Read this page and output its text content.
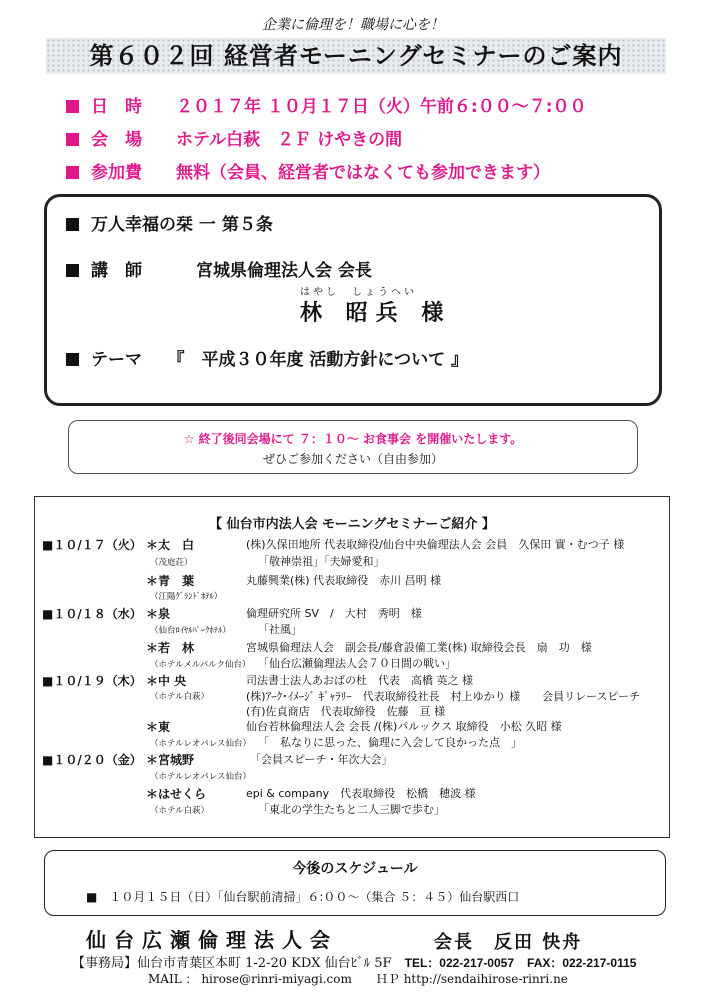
企業に倫理を！職場に心を！
第６０２回 経営者モーニングセミナーのご案内
日　時　　 ２０１７年 １０月１７日（火）午前６:００～７:００
会　場　　 ホテル白萩　２Ｆ けやきの間
参加費　　 無料（会員、経営者ではなくても参加できます）
万人幸福の栞 一 第５条
講　師	宮城県倫理法人会 会長
はやし　しょうへい
林 昭兵 様
テーマ　　 『　平成３０年度 活動方針について 』
☆ 終了後同会場にて ７：１０～ お食事会 を開催いたします。
ぜひご参加ください（自由参加）
【 仙台市内法人会 モーニングセミナーご紹介 】
■１０/１７（火） ＊太　白	(株)久保田地所 代表取締役/仙台中央倫理法人会 会員　久保田 實・むつ子 様
（茂庭荘）	「敬神崇祖」「夫婦愛和」
＊青　葉	丸藤興業(株) 代表取締役　赤川 昌明 様
（江陽ｸﾞﾗﾝﾄﾞﾎﾃﾙ）
■１０/１８（水） ＊泉	倫理研究所 SV　/　大村　秀明　様
（仙台ﾛｲﾔﾙﾊﾟｰｸﾎﾃﾙ） 「社風」
＊若　林	宮城県倫理法人会　副会長/藤倉設備工業(株) 取締役会長　扇　功　様
（ホテルメルパルク仙台） 「仙台広瀬倫理法人会７０日間の戦い」
■１０/１９（木） ＊中 央	司法書士法人あおばの杜　代表　高橋 英之 様
（ホテル白萩）	(株)ｱｰｸ･ｲﾒｰｼﾞ ｷﾞｬﾗﾘｰ　代表取締役社長　村上ゆかり 様　　会員リレースピーチ
(有)佐貞商店　代表取締役　佐藤　亘 様
＊東	仙台若林倫理法人会 会長 /(株)パルックス 取締役　小松 久昭 様
（ホテルレオパレス仙台） 「　私なりに思った、倫理に入会して良かった点　」
■１０/２０（金） ＊宮城野	「会員スピーチ・年次大会」
（ホテルレオパレス仙台）
＊はせくら	epi & company　代表取締役　松橋　穂波 様
（ホテル白萩）	「東北の学生たちと二人三脚で歩む」
今後のスケジュール
■　１０月１５日（日）「仙台駅前清掃」６:００～（集合 ５：４５）仙台駅西口
仙台広瀬倫理法人会	会長　反田 快舟
【事務局】仙台市青葉区本町 1-2-20 KDX 仙台ﾋﾞﾙ 5F　 TEL：022-217-0057　 FAX：022-217-0115
MAIL ： hirose@rinri-miyagi.com　　 ＨＰ http://sendaihirose-rinri.ne
